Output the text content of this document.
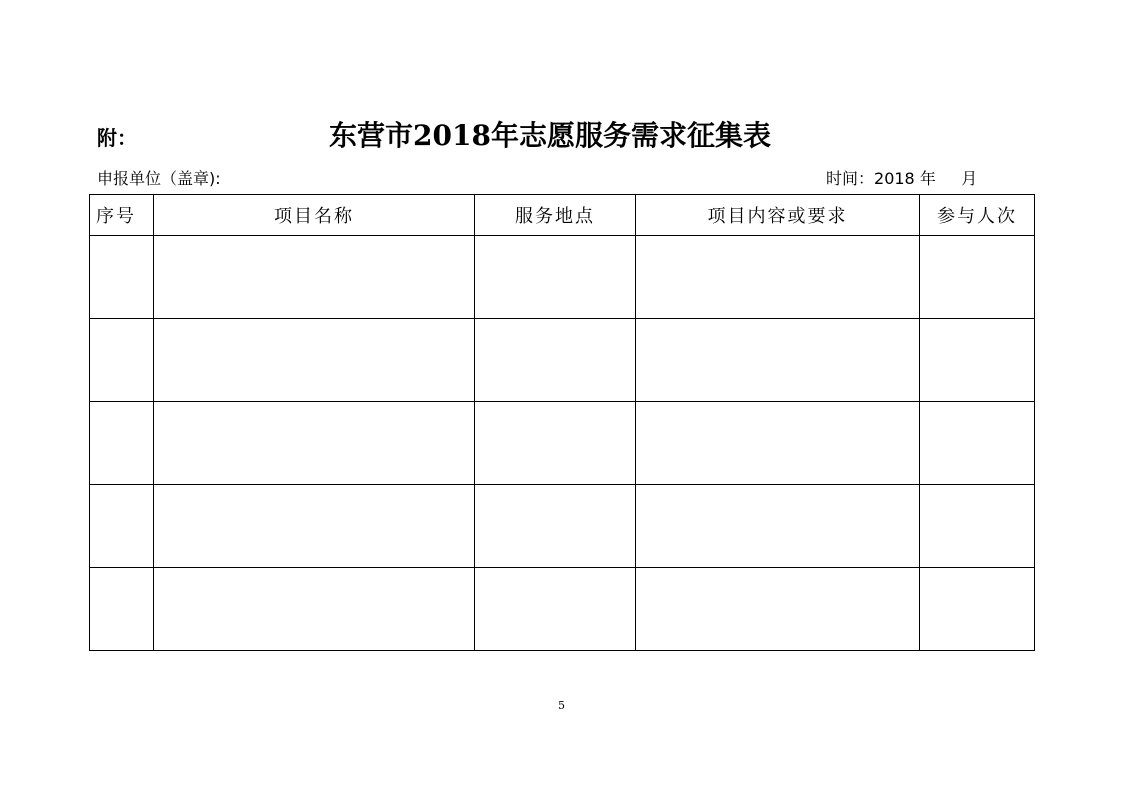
附：	东营市2018年志愿服务需求征集表
申报单位（盖章):	时间：2018 年 月
序号	项目名称	服务地点	项目内容或要求	参与人次

5
